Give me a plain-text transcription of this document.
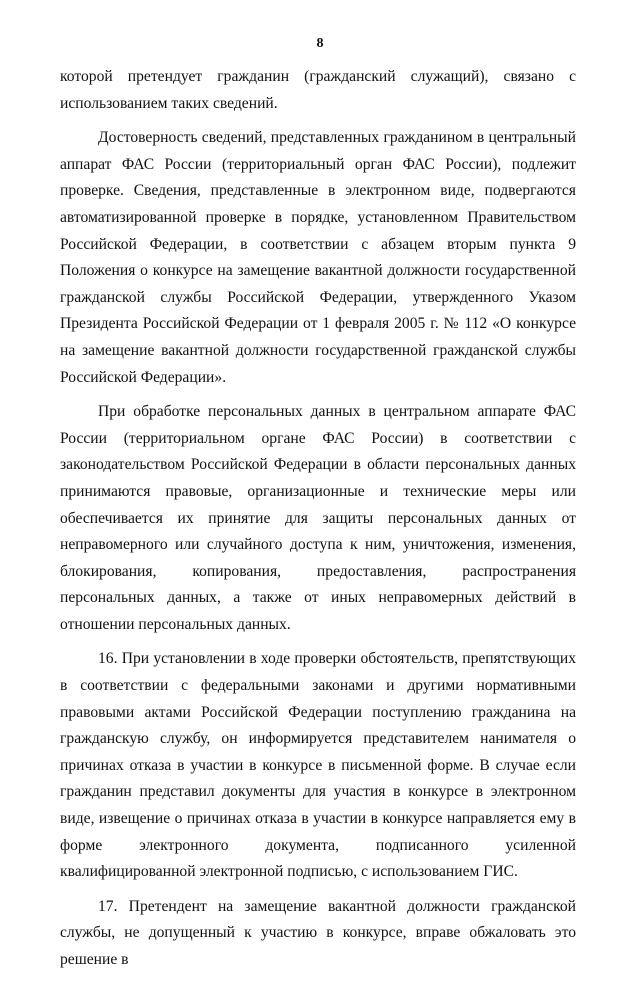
8

которой претендует гражданин (гражданский служащий), связано с использованием таких сведений.

Достоверность сведений, представленных гражданином в центральный аппарат ФАС России (территориальный орган ФАС России), подлежит проверке. Сведения, представленные в электронном виде, подвергаются автоматизированной проверке в порядке, установленном Правительством Российской Федерации, в соответствии с абзацем вторым пункта 9 Положения о конкурсе на замещение вакантной должности государственной гражданской службы Российской Федерации, утвержденного Указом Президента Российской Федерации от 1 февраля 2005 г. № 112 «О конкурсе на замещение вакантной должности государственной гражданской службы Российской Федерации».

При обработке персональных данных в центральном аппарате ФАС России (территориальном органе ФАС России) в соответствии с законодательством Российской Федерации в области персональных данных принимаются правовые, организационные и технические меры или обеспечивается их принятие для защиты персональных данных от неправомерного или случайного доступа к ним, уничтожения, изменения, блокирования, копирования, предоставления, распространения персональных данных, а также от иных неправомерных действий в отношении персональных данных.

16. При установлении в ходе проверки обстоятельств, препятствующих в соответствии с федеральными законами и другими нормативными правовыми актами Российской Федерации поступлению гражданина на гражданскую службу, он информируется представителем нанимателя о причинах отказа в участии в конкурсе в письменной форме. В случае если гражданин представил документы для участия в конкурсе в электронном виде, извещение о причинах отказа в участии в конкурсе направляется ему в форме электронного документа, подписанного усиленной квалифицированной электронной подписью, с использованием ГИС.

17. Претендент на замещение вакантной должности гражданской службы, не допущенный к участию в конкурсе, вправе обжаловать это решение в
